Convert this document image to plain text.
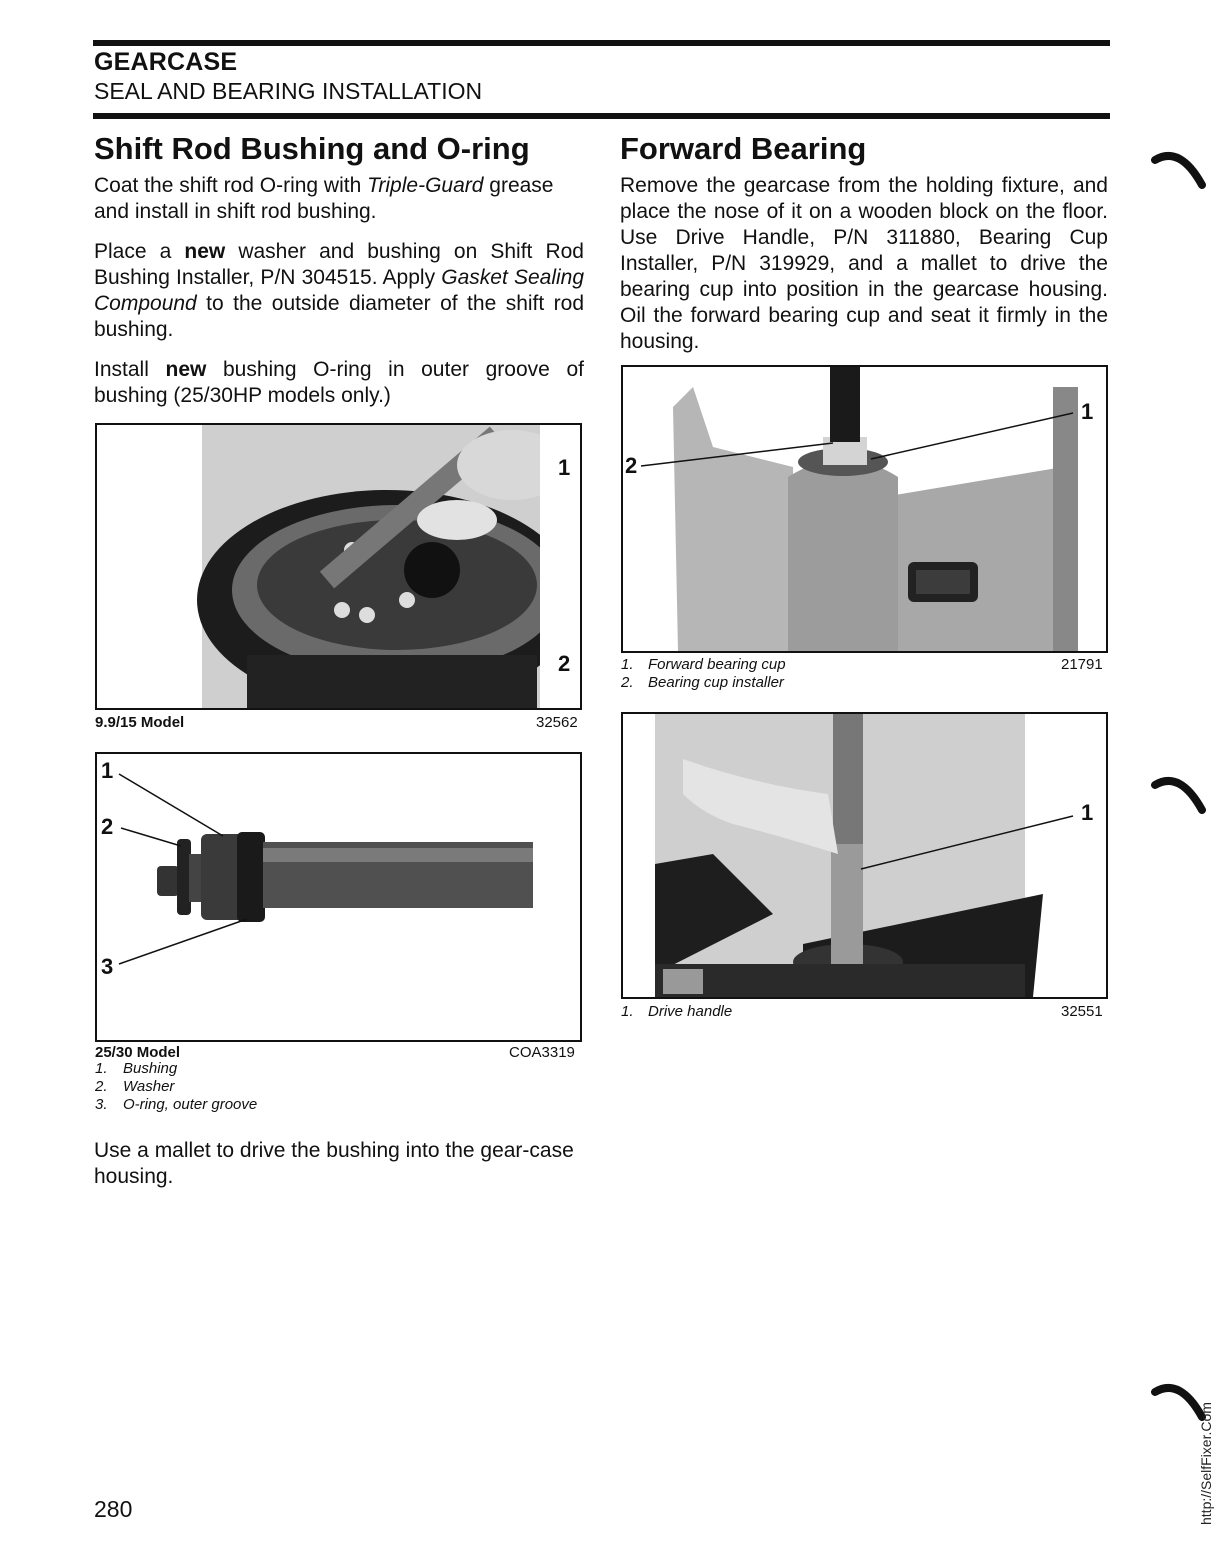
GEARCASE
SEAL AND BEARING INSTALLATION
Shift Rod Bushing and O-ring

Coat the shift rod O-ring with Triple-Guard grease and install in shift rod bushing.

Place a new washer and bushing on Shift Rod Bushing Installer, P/N 304515. Apply Gasket Sealing Compound to the outside diameter of the shift rod bushing.

Install new bushing O-ring in outer groove of bushing (25/30HP models only.)

1
2
9.9/15 Model	32562
1
2
3
25/30 Model	COA3319
1. Bushing
2. Washer
3. O-ring, outer groove

Use a mallet to drive the bushing into the gear-case housing.

Forward Bearing

Remove the gearcase from the holding fixture, and place the nose of it on a wooden block on the floor. Use Drive Handle, P/N 311880, Bearing Cup Installer, P/N 319929, and a mallet to drive the bearing cup into position in the gearcase housing. Oil the forward bearing cup and seat it firmly in the housing.

1
2
1. Forward bearing cup
2. Bearing cup installer
21791
1
1. Drive handle	32551
280	http://SelfFixer.Com
